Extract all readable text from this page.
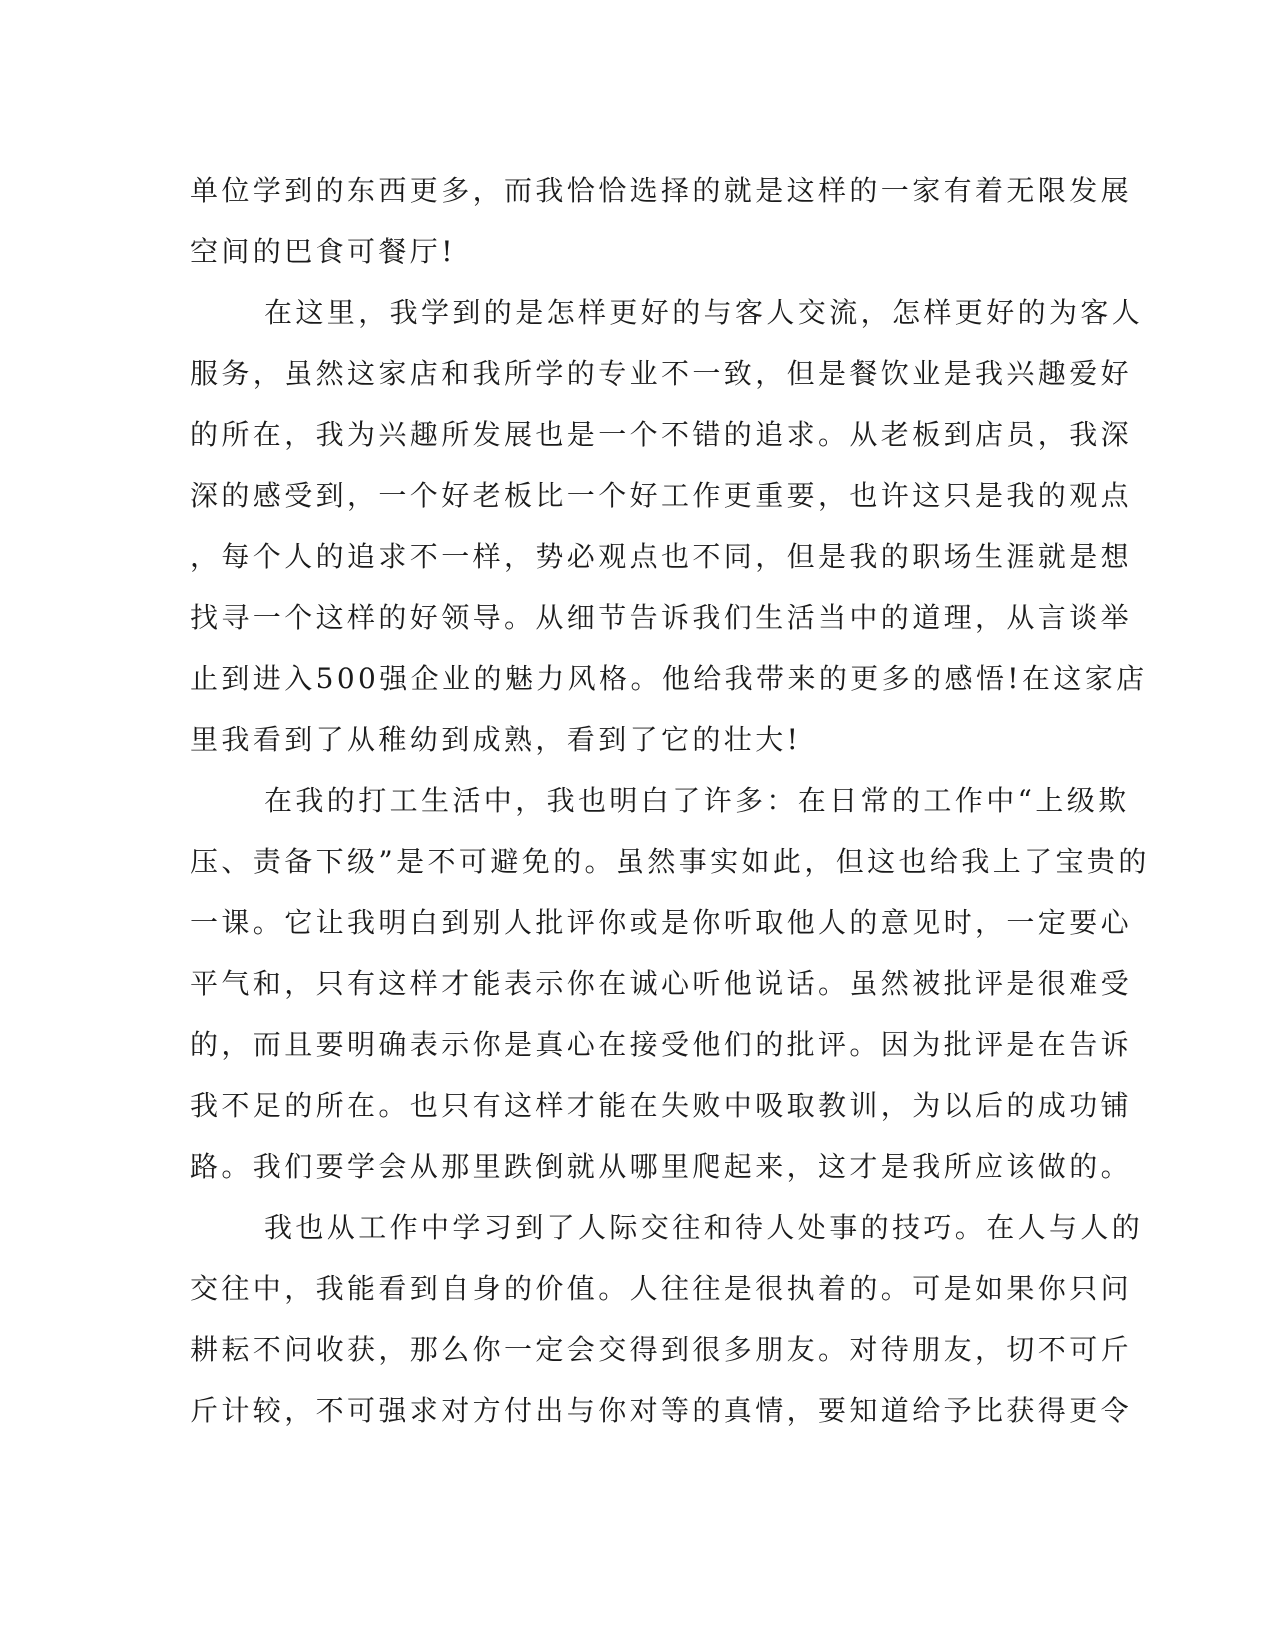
单位学到的东西更多，而我恰恰选择的就是这样的一家有着无限发展
空间的巴食可餐厅!
在这里，我学到的是怎样更好的与客人交流，怎样更好的为客人
服务，虽然这家店和我所学的专业不一致，但是餐饮业是我兴趣爱好
的所在，我为兴趣所发展也是一个不错的追求。从老板到店员，我深
深的感受到，一个好老板比一个好工作更重要，也许这只是我的观点
，每个人的追求不一样，势必观点也不同，但是我的职场生涯就是想
找寻一个这样的好领导。从细节告诉我们生活当中的道理，从言谈举
止到进入500强企业的魅力风格。他给我带来的更多的感悟!在这家店
里我看到了从稚幼到成熟，看到了它的壮大!
在我的打工生活中，我也明白了许多：在日常的工作中“上级欺
压、责备下级”是不可避免的。虽然事实如此，但这也给我上了宝贵的
一课。它让我明白到别人批评你或是你听取他人的意见时，一定要心
平气和，只有这样才能表示你在诚心听他说话。虽然被批评是很难受
的，而且要明确表示你是真心在接受他们的批评。因为批评是在告诉
我不足的所在。也只有这样才能在失败中吸取教训，为以后的成功铺
路。我们要学会从那里跌倒就从哪里爬起来，这才是我所应该做的。
我也从工作中学习到了人际交往和待人处事的技巧。在人与人的
交往中，我能看到自身的价值。人往往是很执着的。可是如果你只问
耕耘不问收获，那么你一定会交得到很多朋友。对待朋友，切不可斤
斤计较，不可强求对方付出与你对等的真情，要知道给予比获得更令
